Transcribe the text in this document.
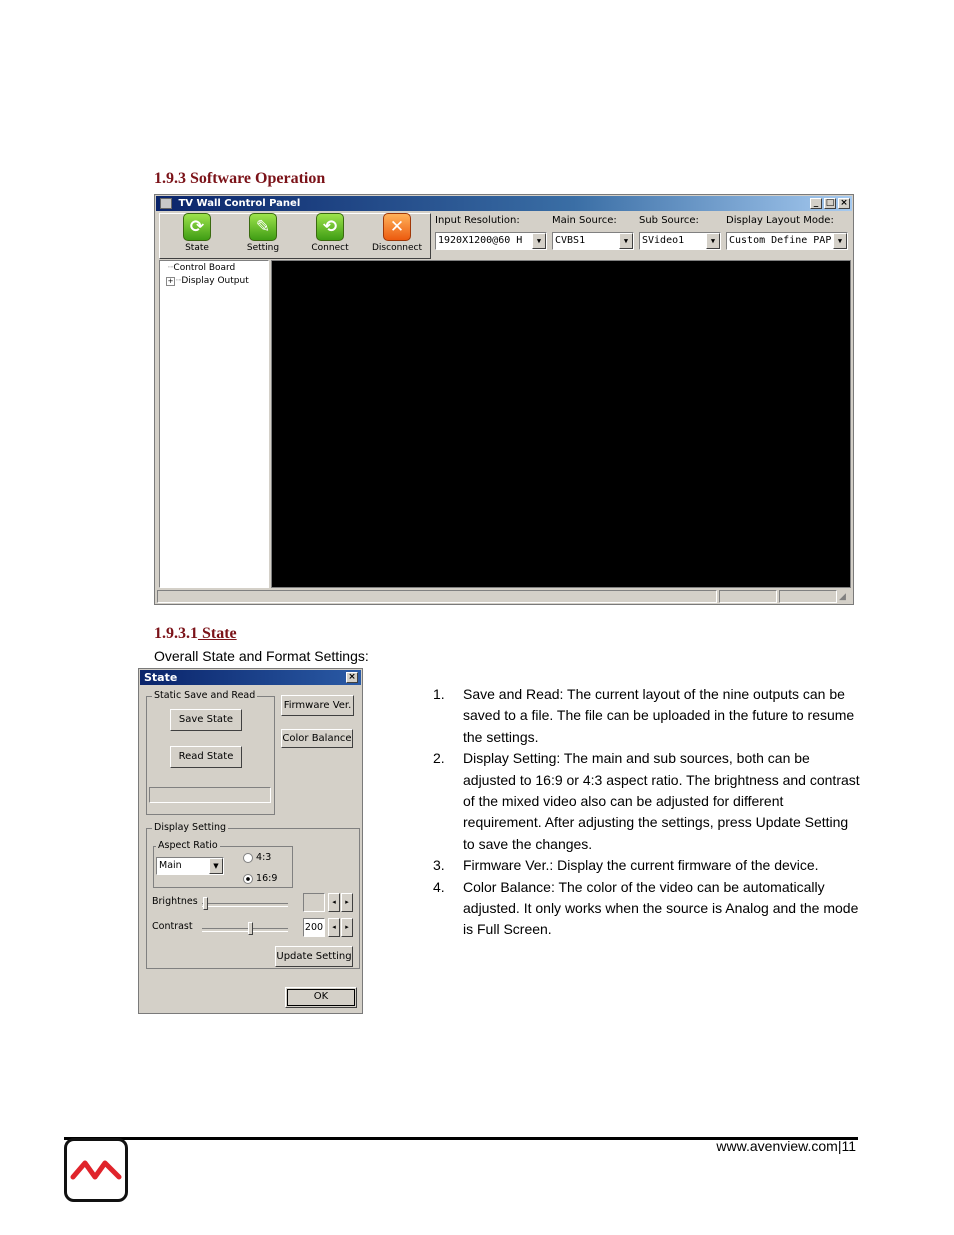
1.9.3 Software Operation
TV Wall Control Panel	_ □ ×
⟳
State
✎
Setting
⟲
Connect
✕
Disconnect
Input Resolution:
1920X1200@60 H	▼
Main Source:
CVBS1	▼
Sub Source:
SVideo1	▼
Display Layout Mode:
Custom Define PAP ▼
┈Control Board
+ ┈Display Output
◢
1.9.3.1 State
Overall State and Format Settings:
State	×
Static Save and Read
Save State
Read State
Firmware Ver.
Color Balance
Display Setting
Aspect Ratio
Main	▼
4:3
16:9
Brightnes	◂	▸
Contrast	200	◂	▸
Update Setting
OK
1. Save and Read: The current layout of the nine outputs can be saved to a file. The file can be uploaded in the future to resume the settings.
2. Display Setting: The main and sub sources, both can be adjusted to 16:9 or 4:3 aspect ratio. The brightness and contrast of the mixed video also can be adjusted for different requirement. After adjusting the settings, press Update Setting to save the changes.
3. Firmware Ver.: Display the current firmware of the device.
4. Color Balance: The color of the video can be automatically adjusted. It only works when the source is Analog and the mode is Full Screen.
www.avenview.com|11
